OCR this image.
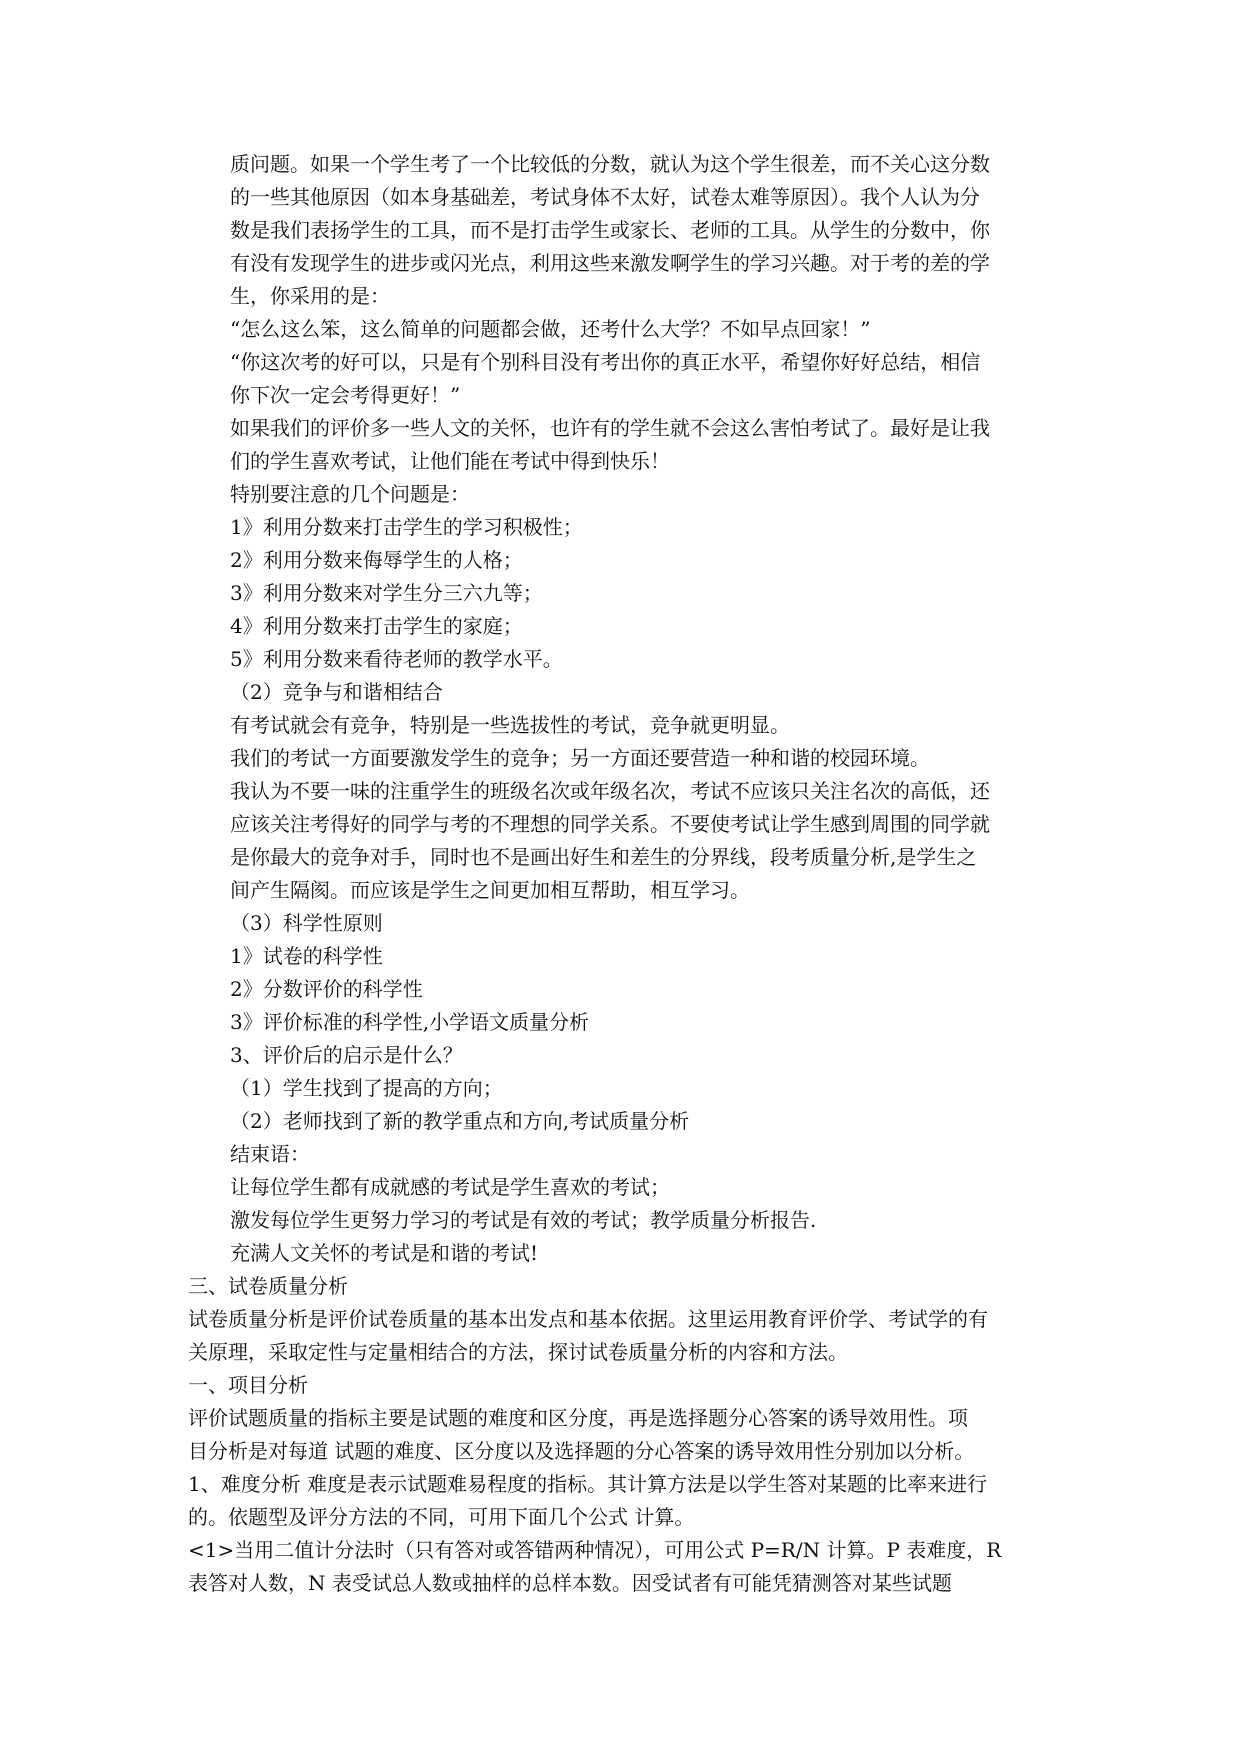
质问题。如果一个学生考了一个比较低的分数，就认为这个学生很差，而不关心这分数
的一些其他原因（如本身基础差，考试身体不太好，试卷太难等原因）。我个人认为分
数是我们表扬学生的工具，而不是打击学生或家长、老师的工具。从学生的分数中，你
有没有发现学生的进步或闪光点，利用这些来激发啊学生的学习兴趣。对于考的差的学
生，你采用的是：
“怎么这么笨，这么简单的问题都会做，还考什么大学？不如早点回家！”
“你这次考的好可以，只是有个别科目没有考出你的真正水平，希望你好好总结，相信
你下次一定会考得更好！”
如果我们的评价多一些人文的关怀，也许有的学生就不会这么害怕考试了。最好是让我
们的学生喜欢考试，让他们能在考试中得到快乐！
特别要注意的几个问题是：
1》利用分数来打击学生的学习积极性；
2》利用分数来侮辱学生的人格；
3》利用分数来对学生分三六九等；
4》利用分数来打击学生的家庭；
5》利用分数来看待老师的教学水平。
（2）竞争与和谐相结合
有考试就会有竞争，特别是一些选拔性的考试，竞争就更明显。
我们的考试一方面要激发学生的竞争；另一方面还要营造一种和谐的校园环境。
我认为不要一味的注重学生的班级名次或年级名次，考试不应该只关注名次的高低，还
应该关注考得好的同学与考的不理想的同学关系。不要使考试让学生感到周围的同学就
是你最大的竞争对手，同时也不是画出好生和差生的分界线，段考质量分析,是学生之
间产生隔阂。而应该是学生之间更加相互帮助，相互学习。
（3）科学性原则
1》试卷的科学性
2》分数评价的科学性
3》评价标准的科学性,小学语文质量分析
3、评价后的启示是什么？
（1）学生找到了提高的方向；
（2）老师找到了新的教学重点和方向,考试质量分析
结束语：
让每位学生都有成就感的考试是学生喜欢的考试；
激发每位学生更努力学习的考试是有效的考试；教学质量分析报告.
充满人文关怀的考试是和谐的考试!
三、试卷质量分析
试卷质量分析是评价试卷质量的基本出发点和基本依据。这里运用教育评价学、考试学的有
关原理，采取定性与定量相结合的方法，探讨试卷质量分析的内容和方法。
一、项目分析
评价试题质量的指标主要是试题的难度和区分度，再是选择题分心答案的诱导效用性。项
目分析是对每道 试题的难度、区分度以及选择题的分心答案的诱导效用性分别加以分析。
1、难度分析 难度是表示试题难易程度的指标。其计算方法是以学生答对某题的比率来进行
的。依题型及评分方法的不同，可用下面几个公式 计算。
<1>当用二值计分法时（只有答对或答错两种情况），可用公式 P=R/N 计算。P 表难度，R
表答对人数，N 表受试总人数或抽样的总样本数。因受试者有可能凭猜测答对某些试题
